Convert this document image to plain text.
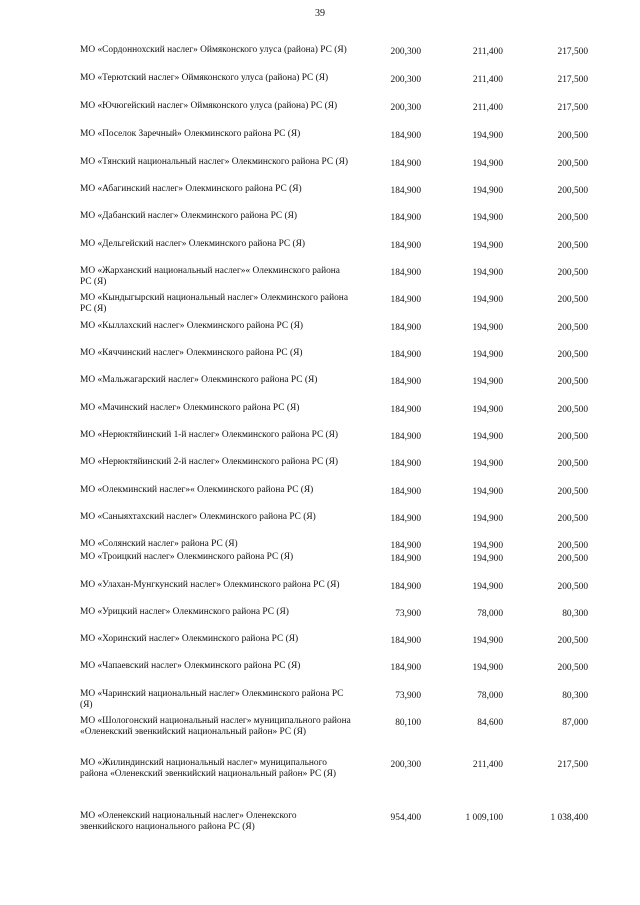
39
МО «Сордоннохский наслег» Оймяконского улуса (района) РС (Я)	200,300	211,400	217,500
МО «Терютский наслег» Оймяконского улуса (района) РС (Я)	200,300	211,400	217,500
МО «Ючюгейский наслег» Оймяконского улуса (района) РС (Я)	200,300	211,400	217,500
МО «Поселок Заречный» Олекминского района РС (Я)	184,900	194,900	200,500
МО «Тянский национальный наслег» Олекминского района РС (Я)	184,900	194,900	200,500
МО «Абагинский наслег» Олекминского района РС (Я)	184,900	194,900	200,500
МО «Дабанский наслег» Олекминского района РС (Я)	184,900	194,900	200,500
МО «Дельгейский наслег» Олекминского района РС (Я)	184,900	194,900	200,500
МО «Жарханский национальный наслег»« Олекминского района РС (Я)
184,900	194,900	200,500
МО «Кындыгырский национальный наслег» Олекминского района РС (Я)
184,900	194,900	200,500
МО «Кыллахский наслег» Олекминского района РС (Я)	184,900	194,900	200,500
МО «Кяччинский наслег» Олекминского района РС (Я)	184,900	194,900	200,500
МО «Мальжагарский наслег» Олекминского района РС (Я)	184,900	194,900	200,500
МО «Мачинский наслег» Олекминского района РС (Я)	184,900	194,900	200,500
МО «Нерюктяйинский 1-й наслег» Олекминского района РС (Я)	184,900	194,900	200,500
МО «Нерюктяйинский 2-й наслег» Олекминского района РС (Я)	184,900	194,900	200,500
МО «Олекминский наслег»« Олекминского района РС (Я)	184,900	194,900	200,500
МО «Саныяхтахский наслег» Олекминского района РС (Я)	184,900	194,900	200,500
МО «Солянский наслег» района РС (Я)	184,900	194,900	200,500
МО «Троицкий наслег» Олекминского района РС (Я)	184,900	194,900	200,500
МО «Улахан-Мунгкунский наслег» Олекминского района РС (Я)	184,900	194,900	200,500
МО «Урицкий наслег» Олекминского района РС (Я)	73,900	78,000	80,300
МО «Хоринский наслег» Олекминского района РС (Я)	184,900	194,900	200,500
МО «Чапаевский наслег» Олекминского района РС (Я)	184,900	194,900	200,500
МО «Чаринский национальный наслег» Олекминского района РС (Я)
73,900	78,000	80,300
МО «Шологонский национальный наслег» муниципального района «Оленекский эвенкийский национальный район» РС (Я)
80,100	84,600	87,000
МО «Жилиндинский национальный наслег» муниципального района «Оленекский эвенкийский национальный район» РС (Я)
200,300	211,400	217,500
МО «Оленекский национальный наслег» Оленекского эвенкийского национального района РС (Я)
954,400	1 009,100	1 038,400
